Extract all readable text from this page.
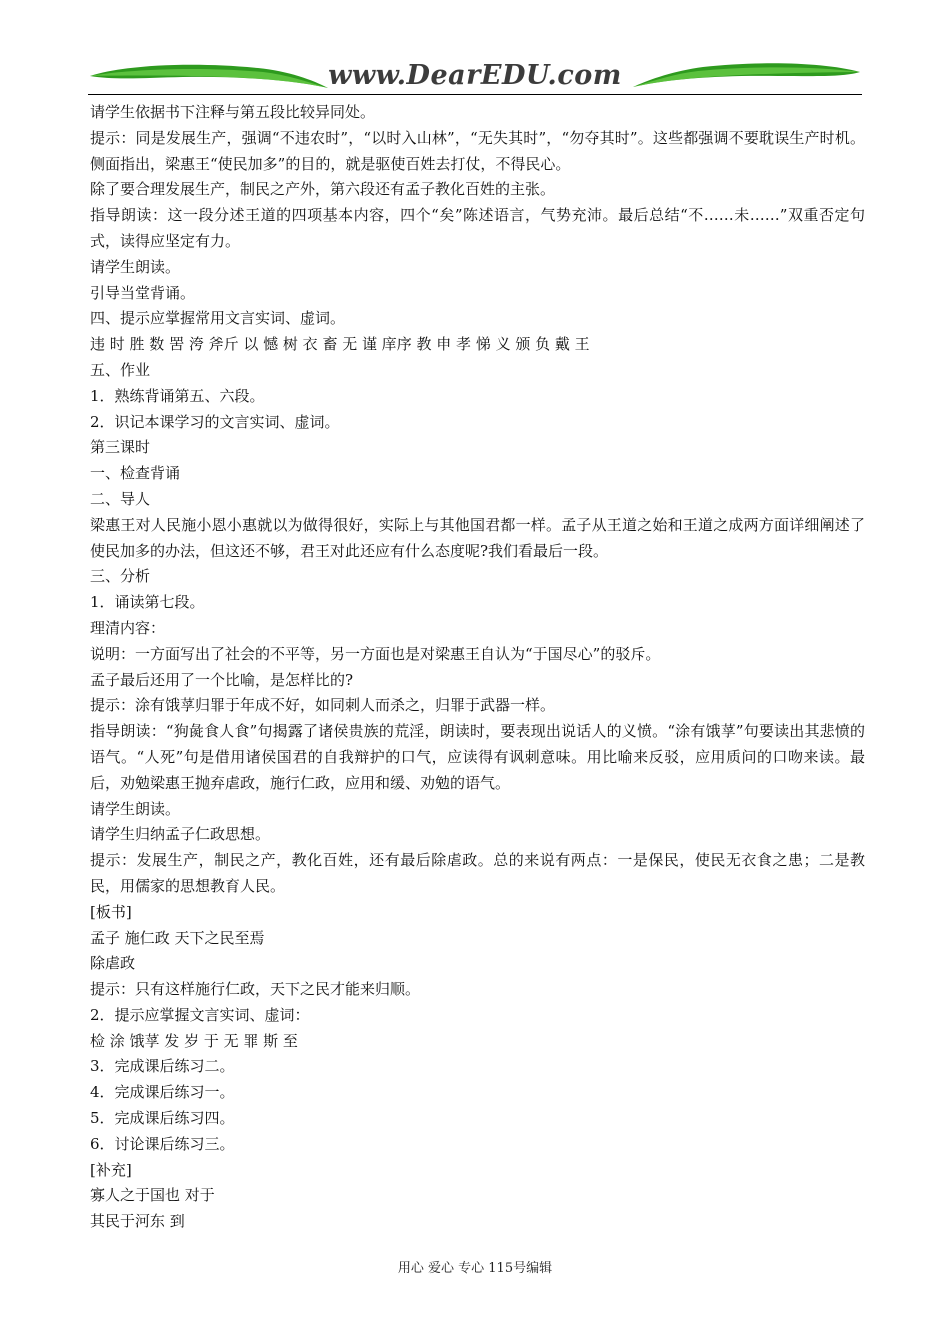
www.DearEDU.com

请学生依据书下注释与第五段比较异同处。

提示：同是发展生产，强调“不违农时”，“以时入山林”，“无失其时”，“勿夺其时”。这些都强调不要耽误生产时机。侧面指出，梁惠王“使民加多”的目的，就是驱使百姓去打仗，不得民心。

除了要合理发展生产，制民之产外，第六段还有孟子教化百姓的主张。

指导朗读：这一段分述王道的四项基本内容，四个“矣”陈述语言，气势充沛。最后总结“不……未……”双重否定句式，读得应坚定有力。

请学生朗读。

引导当堂背诵。

四、提示应掌握常用文言实词、虚词。

违 时 胜 数 罟 洿 斧斤 以 憾 树 衣 畜 无 谨 庠序 教 申 孝 悌 义 颁 负 戴 王

五、作业

1．熟练背诵第五、六段。

2．识记本课学习的文言实词、虚词。

第三课时

一、检查背诵

二、导人

梁惠王对人民施小恩小惠就以为做得很好，实际上与其他国君都一样。孟子从王道之始和王道之成两方面详细阐述了使民加多的办法，但这还不够，君王对此还应有什么态度呢?我们看最后一段。

三、分析

1．诵读第七段。

理清内容：

说明：一方面写出了社会的不平等，另一方面也是对梁惠王自认为“于国尽心”的驳斥。

孟子最后还用了一个比喻，是怎样比的?

提示：涂有饿莩归罪于年成不好，如同刺人而杀之，归罪于武器一样。

指导朗读：“狗彘食人食”句揭露了诸侯贵族的荒淫，朗读时，要表现出说话人的义愤。“涂有饿莩”句要读出其悲愤的语气。“人死”句是借用诸侯国君的自我辩护的口气，应读得有讽刺意味。用比喻来反驳，应用质问的口吻来读。最后，劝勉梁惠王抛弃虐政，施行仁政，应用和缓、劝勉的语气。

请学生朗读。

请学生归纳孟子仁政思想。

提示：发展生产，制民之产，教化百姓，还有最后除虐政。总的来说有两点：一是保民，使民无衣食之患；二是教民，用儒家的思想教育人民。

[板书]

孟子 施仁政 天下之民至焉

除虐政

提示：只有这样施行仁政，天下之民才能来归顺。

2．提示应掌握文言实词、虚词：

检 涂 饿莩 发 岁 于 无 罪 斯 至

3．完成课后练习二。

4．完成课后练习一。

5．完成课后练习四。

6．讨论课后练习三。

[补充]

寡人之于国也 对于

其民于河东 到

用心 爱心 专心 115号编辑
